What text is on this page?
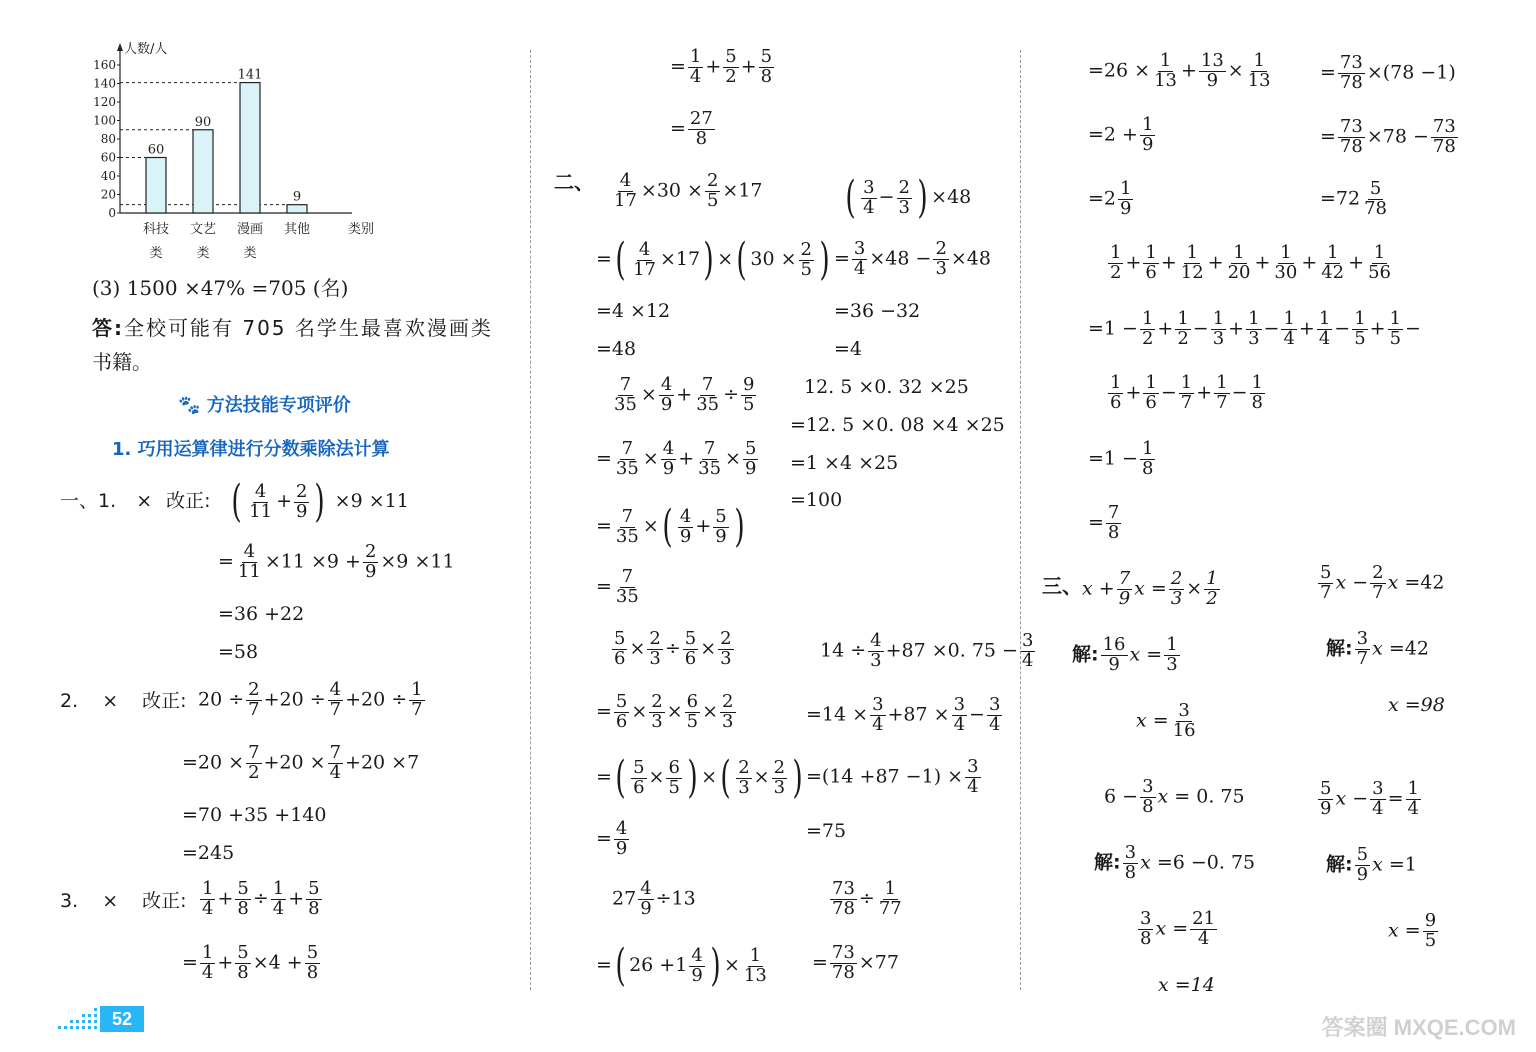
人数/人
0
20
40
60
80
100
120
140
160
60
科技
类
90
文艺
类
141
漫画
类
9
其他	类别
(3) 1500 ×47% =705 (名)
答:全校可能有 705 名学生最喜欢漫画类
书籍。
🐾 方法技能专项评价
1. 巧用运算律进行分数乘除法计算
一、1. × 改正: ( $\frac{4}{11} + \frac{2}{9}$ ) ×9 ×11
= $\frac{4}{11} \times 11 \times 9 + \frac{2}{9} \times 9 \times 11$
=36 +22
=58
2. × 改正: $20 \div \frac{2}{7} +20 \div \frac{4}{7} +20 \div \frac{1}{7}$
$=20 \times \frac{7}{2} +20 \times \frac{7}{4} +20 \times 7$
=70 +35 +140
=245
3. × 改正: $\frac{1}{4} + \frac{5}{8} \div \frac{1}{4} + \frac{5}{8}$
= $\frac{1}{4} + \frac{5}{8} \times 4 + \frac{5}{8}$
= $\frac{1}{4} + \frac{5}{2} + \frac{5}{8}$
= $\frac{27}{8}$
二、 $\frac{4}{17} \times 30 \times \frac{2}{5} \times 17$
=( $\frac{4}{17} \times 17$) ×( $30 \times \frac{2}{5}$ )
=4 ×12
=48
( $\frac{3}{4} - \frac{2}{3}$ ) ×48
= $\frac{3}{4} \times 48 - \frac{2}{3} \times 48$
=36 −32
=4
$\frac{7}{35} \times \frac{4}{9} + \frac{7}{35} \div \frac{9}{5}$
= $\frac{7}{35} \times \frac{4}{9} + \frac{7}{35} \times \frac{5}{9}$
= $\frac{7}{35}$ ×( $\frac{4}{9} + \frac{5}{9}$ )
= $\frac{7}{35}$
12. 5 ×0. 32 ×25
=12. 5 ×0. 08 ×4 ×25
=1 ×4 ×25
=100
$\frac{5}{6} \times \frac{2}{3} \div \frac{5}{6} \times \frac{2}{3}$
= $\frac{5}{6} \times \frac{2}{3} \times \frac{6}{5} \times \frac{2}{3}$
=( $\frac{5}{6} \times \frac{6}{5}$ ) ×( $\frac{2}{3} \times \frac{2}{3}$ )
= $\frac{4}{9}$
$14 \div \frac{4}{3} +87 \times 0$. $75 - \frac{3}{4}$
$=14 \times \frac{3}{4} +87 \times \frac{3}{4} - \frac{3}{4}$
$=(14 +87 -1) \times \frac{3}{4}$
=75
$27 \frac{4}{9} \div 13$
=( $26 +1 \frac{4}{9}$ ) × $\frac{1}{13}$
$\frac{73}{78} \div \frac{1}{77}$
= $\frac{73}{78} \times 77$
$=26 \times \frac{1}{13} + \frac{13}{9} \times \frac{1}{13}$
$=2 + \frac{1}{9}$
$=2 \frac{1}{9}$
= $\frac{73}{78} \times(78 -1)$
= $\frac{73}{78} \times 78 - \frac{73}{78}$
$=72 \frac{5}{78}$
$\frac{1}{2} + \frac{1}{6} + \frac{1}{12} + \frac{1}{20} + \frac{1}{30} + \frac{1}{42} + \frac{1}{56}$
$=1 - \frac{1}{2} + \frac{1}{2} - \frac{1}{3} + \frac{1}{3} - \frac{1}{4} + \frac{1}{4} - \frac{1}{5} + \frac{1}{5}$ −
$\frac{1}{6} + \frac{1}{6} - \frac{1}{7} + \frac{1}{7} - \frac{1}{8}$
$=1 - \frac{1}{8}$
= $\frac{7}{8}$
三、 $x + \frac{7}{9}$ $x = \frac{2}{3} \times \frac{1}{2}$
解: $\frac{16}{9}$ $x = \frac{1}{3}$
$x = \frac{3}{16}$
$\frac{5}{7}$ $x - \frac{2}{7}$ x =42
解: $\frac{3}{7}$ x =42
x =98
$6 - \frac{3}{8}$ x = 0. 75
解: $\frac{3}{8}$ x =6 −0. 75
$\frac{3}{8}$ $x = \frac{21}{4}$
x =14
$\frac{5}{9}$ $x - \frac{3}{4} = \frac{1}{4}$
解: $\frac{5}{9}$ x =1
$x = \frac{9}{5}$
52	答案圈 MXQE.COM
